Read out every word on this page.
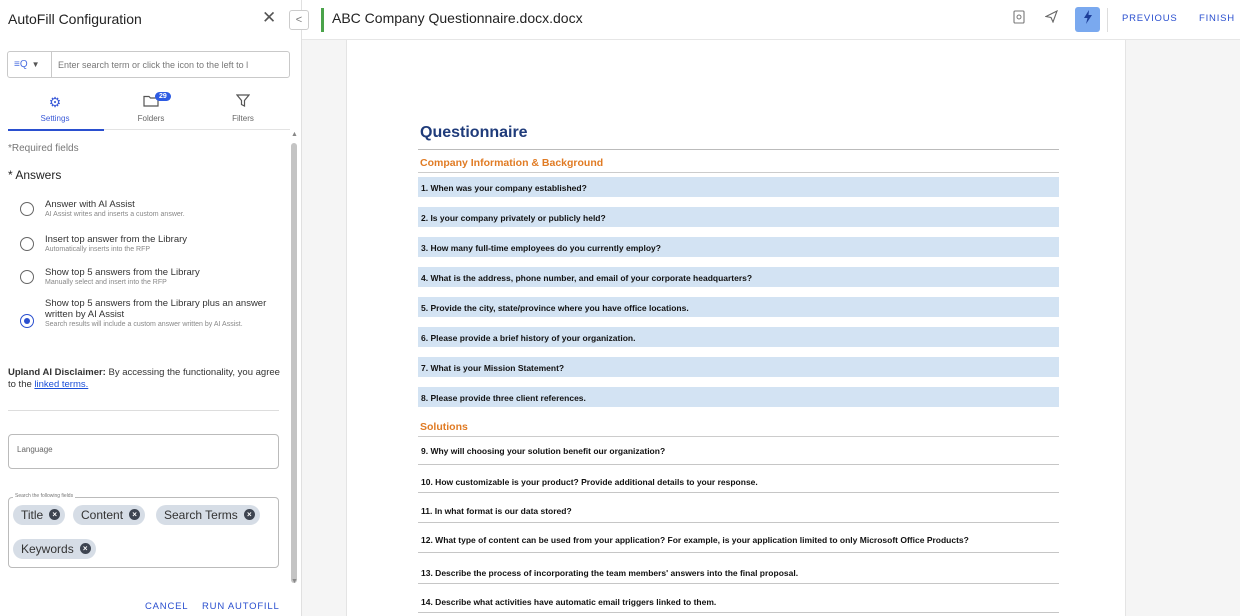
AutoFill Configuration	✕
≡Q ▼
Enter search term or click the icon to the left to l
⚙
Settings	Folders	Filters
29
▲
▼
*Required fields
* Answers
Answer with AI Assist
AI Assist writes and inserts a custom answer.
Insert top answer from the Library
Automatically inserts into the RFP
Show top 5 answers from the Library
Manually select and insert into the RFP
Show top 5 answers from the Library plus an answer written by AI Assist
Search results will include a custom answer written by AI Assist.
Upland AI Disclaimer: By accessing the functionality, you agree to the linked terms.
Language
Search the following fields
Title	×	Content	×	Search Terms	×
Keywords	×
CANCEL RUN AUTOFILL
<	ABC Company Questionnaire.docx.docx	PREVIOUS FINISH
Questionnaire
Company Information & Background
1. When was your company established?
2. Is your company privately or publicly held?
3. How many full-time employees do you currently employ?
4. What is the address, phone number, and email of your corporate headquarters?
5. Provide the city, state/province where you have office locations.
6. Please provide a brief history of your organization.
7. What is your Mission Statement?
8. Please provide three client references.
Solutions
9. Why will choosing your solution benefit our organization?
10. How customizable is your product? Provide additional details to your response.
11. In what format is our data stored?
12. What type of content can be used from your application? For example, is your application limited to only Microsoft Office Products?
13. Describe the process of incorporating the team members' answers into the final proposal.
14. Describe what activities have automatic email triggers linked to them.
